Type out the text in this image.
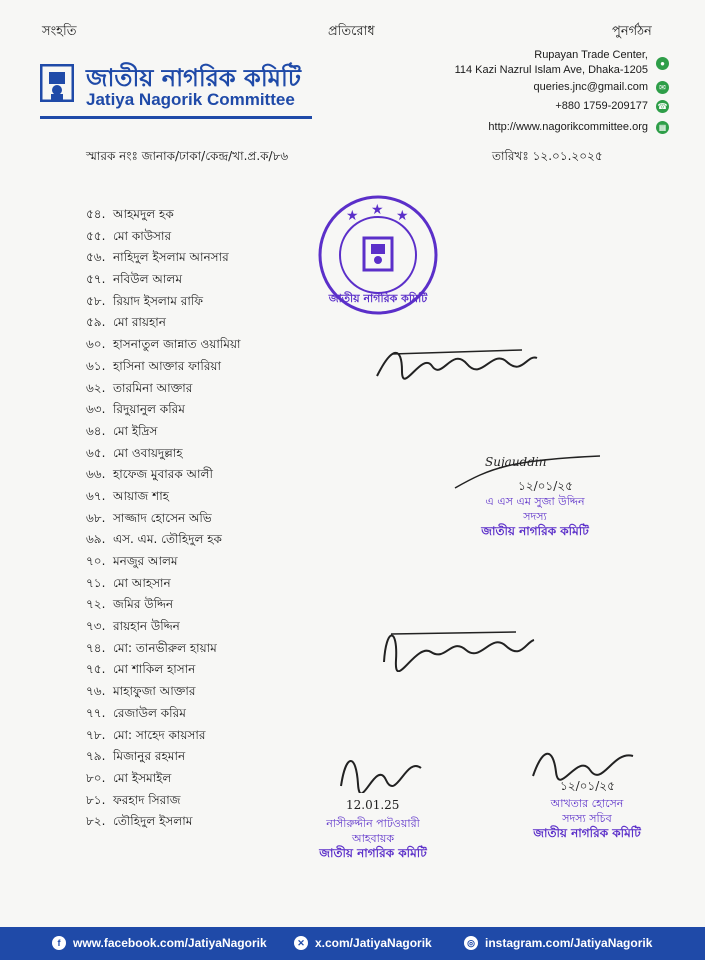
সংহতি	প্রতিরোধ	পুনর্গঠন
জাতীয় নাগরিক কমিটি
Jatiya Nagorik Committee
Rupayan Trade Center,
114 Kazi Nazrul Islam Ave, Dhaka-1205
●
queries.jnc@gmail.com	✉
+880 1759-209177 ☎
http://www.nagorikcommittee.org	▦
স্মারক নংঃ জানাক/ঢাকা/কেন্দ্র/খা.প্র.ক/৮৬	তারিখঃ ১২.০১.২০২৫
৫৪. আহমদুল হক
৫৫. মো কাউসার
৫৬. নাহিদুল ইসলাম আনসার
৫৭. নবিউল আলম
৫৮. রিয়াদ ইসলাম রাফি
৫৯. মো রায়হান
৬০. হাসনাতুল জান্নাত ওয়ামিয়া
৬১. হাসিনা আক্তার ফারিয়া
৬২. তারমিনা আক্তার
৬৩. রিদুয়ানুল করিম
৬৪. মো ইদ্রিস
৬৫. মো ওবায়দুল্লাহ
৬৬. হাফেজ মুবারক আলী
৬৭. আয়াজ শাহ
৬৮. সাজ্জাদ হোসেন অভি
৬৯. এস. এম. তৌহিদুল হক
৭০. মনজুর আলম
৭১. মো আহসান
৭২. জমির উদ্দিন
৭৩. রায়হান উদ্দিন
৭৪. মো: তানভীরুল হায়াম
৭৫. মো শাকিল হাসান
৭৬. মাহাফুজা আক্তার
৭৭. রেজাউল করিম
৭৮. মো: সাহেদ কায়সার
৭৯. মিজানুর রহমান
৮০. মো ইসমাইল
৮১. ফরহাদ সিরাজ
৮২. তৌহিদুল ইসলাম
★ ★ ★
জাতীয় নাগরিক কমিটি
Sujauddin
১২/০১/২৫
এ এস এম সুজা উদ্দিন
সদস্য
জাতীয় নাগরিক কমিটি
12.01.25
নাসীরুদ্দীন পাটওয়ারী
আহবায়ক
জাতীয় নাগরিক কমিটি
১২/০১/২৫
আখতার হোসেন
সদস্য সচিব
জাতীয় নাগরিক কমিটি
f	www.facebook.com/JatiyaNagorik	✕ x.com/JatiyaNagorik	◎ instagram.com/JatiyaNagorik
